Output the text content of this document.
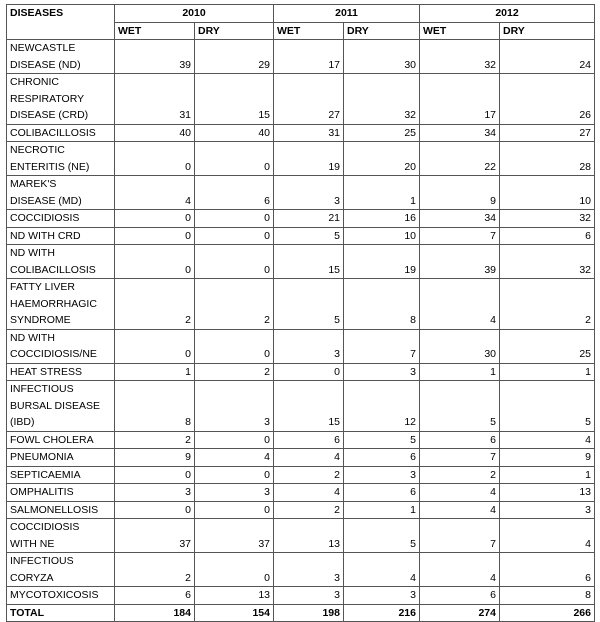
DISEASES	2010		2011		2012	
	WET	DRY	WET	DRY	WET	DRY
NEWCASTLE
DISEASE (ND)	39	29	17	30	32	24
CHRONIC
RESPIRATORY
DISEASE (CRD)	31	15	27	32	17	26
COLIBACILLOSIS	40	40	31	25	34	27
NECROTIC
ENTERITIS (NE)	0	0	19	20	22	28
MAREK'S
DISEASE (MD)	4	6	3	1	9	10
COCCIDIOSIS	0	0	21	16	34	32
ND WITH CRD	0	0	5	10	7	6
ND WITH
COLIBACILLOSIS	0	0	15	19	39	32
FATTY LIVER
HAEMORRHAGIC
SYNDROME	2	2	5	8	4	2
ND WITH
COCCIDIOSIS/NE	0	0	3	7	30	25
HEAT STRESS	1	2	0	3	1	1
INFECTIOUS
BURSAL DISEASE
(IBD)	8	3	15	12	5	5
FOWL CHOLERA	2	0	6	5	6	4
PNEUMONIA	9	4	4	6	7	9
SEPTICAEMIA	0	0	2	3	2	1
OMPHALITIS	3	3	4	6	4	13
SALMONELLOSIS	0	0	2	1	4	3
COCCIDIOSIS
WITH NE	37	37	13	5	7	4
INFECTIOUS
CORYZA	2	0	3	4	4	6
MYCOTOXICOSIS	6	13	3	3	6	8
TOTAL	184	154	198	216	274	266
